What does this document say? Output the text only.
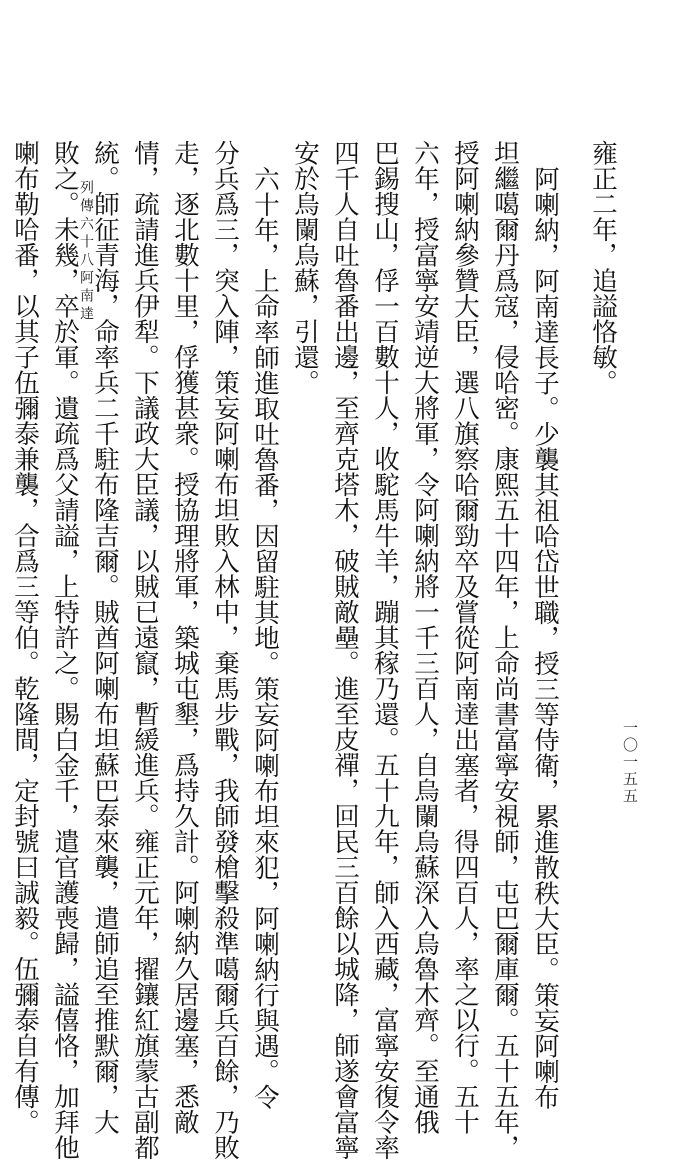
雍正二年，追謚恪敏。
阿喇納，阿南達長子。少襲其祖哈岱世職，授三等侍衛，累進散秩大臣。策妄阿喇布
坦繼噶爾丹爲寇，侵哈密。康熙五十四年，上命尚書富寧安視師，屯巴爾庫爾。五十五年，
授阿喇納參贊大臣，選八旗察哈爾勁卒及嘗從阿南達出塞者，得四百人，率之以行。五十
六年，授富寧安靖逆大將軍，令阿喇納將一千三百人，自烏闌烏蘇深入烏魯木齊。至通俄
巴錫搜山，俘一百數十人，收駝馬牛羊，蹦其稼乃還。五十九年，師入西藏，富寧安復令率
四千人自吐魯番出邊，至齊克塔木，破賊敵壘。進至皮禪，回民三百餘以城降，師遂會富寧
安於烏闌烏蘇，引還。
六十年，上命率師進取吐魯番，因留駐其地。策妄阿喇布坦來犯，阿喇納行與遇。令
分兵爲三，突入陣，策妄阿喇布坦敗入林中，棄馬步戰，我師發槍擊殺準噶爾兵百餘，乃敗
走，逐北數十里，俘獲甚衆。授協理將軍，築城屯墾，爲持久計。阿喇納久居邊塞，悉敵
情，疏請進兵伊犁。下議政大臣議，以賊已遠竄，暫緩進兵。雍正元年，擢鑲紅旗蒙古副都
統。師征青海，命率兵二千駐布隆吉爾。賊酋阿喇布坦蘇巴泰來襲，遣師追至推默爾，大
敗之。未幾，卒於軍。遺疏爲父請謚，上特許之。賜白金千，遣官護喪歸，謚僖恪，加拜他
喇布勒哈番，以其子伍彌泰兼襲，合爲三等伯。乾隆間，定封號曰誠毅。伍彌泰自有傳。	列傳六十八阿南達
一〇一五五
